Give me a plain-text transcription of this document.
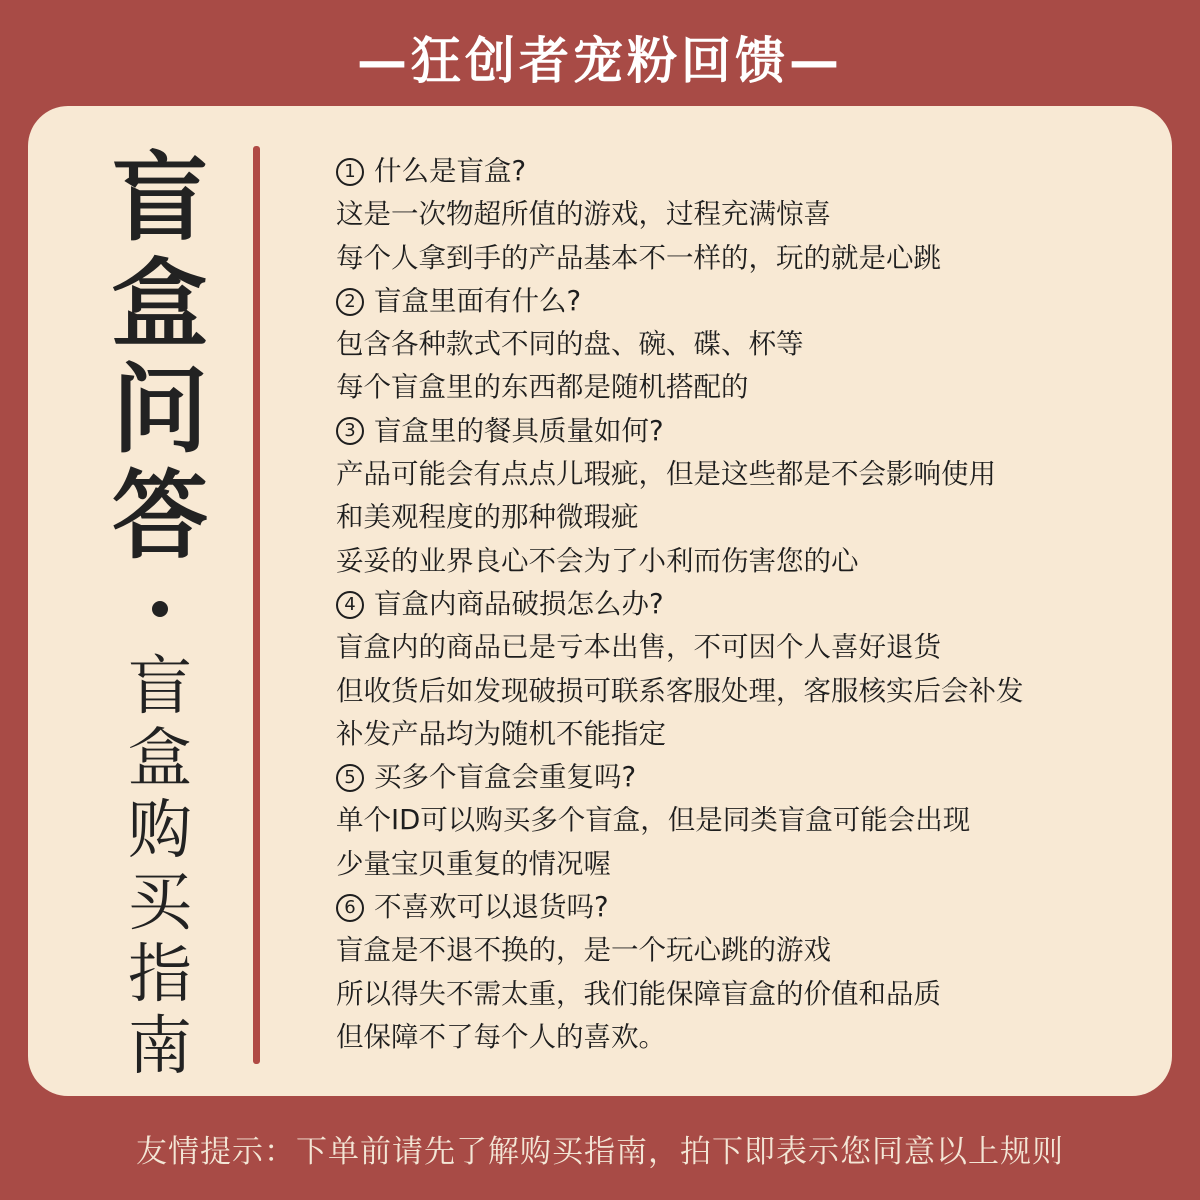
—狂创者宠粉回馈—
盲
盒
问
答
盲
盒
购
买
指
南
1 什么是盲盒?
这是一次物超所值的游戏，过程充满惊喜
每个人拿到手的产品基本不一样的，玩的就是心跳
2 盲盒里面有什么?
包含各种款式不同的盘、碗、碟、杯等
每个盲盒里的东西都是随机搭配的
3 盲盒里的餐具质量如何?
产品可能会有点点儿瑕疵，但是这些都是不会影响使用
和美观程度的那种微瑕疵
妥妥的业界良心不会为了小利而伤害您的心
4 盲盒内商品破损怎么办?
盲盒内的商品已是亏本出售，不可因个人喜好退货
但收货后如发现破损可联系客服处理，客服核实后会补发
补发产品均为随机不能指定
5 买多个盲盒会重复吗?
单个ID可以购买多个盲盒，但是同类盲盒可能会出现
少量宝贝重复的情况喔
6 不喜欢可以退货吗?
盲盒是不退不换的，是一个玩心跳的游戏
所以得失不需太重，我们能保障盲盒的价值和品质
但保障不了每个人的喜欢。
友情提示：下单前请先了解购买指南，拍下即表示您同意以上规则
